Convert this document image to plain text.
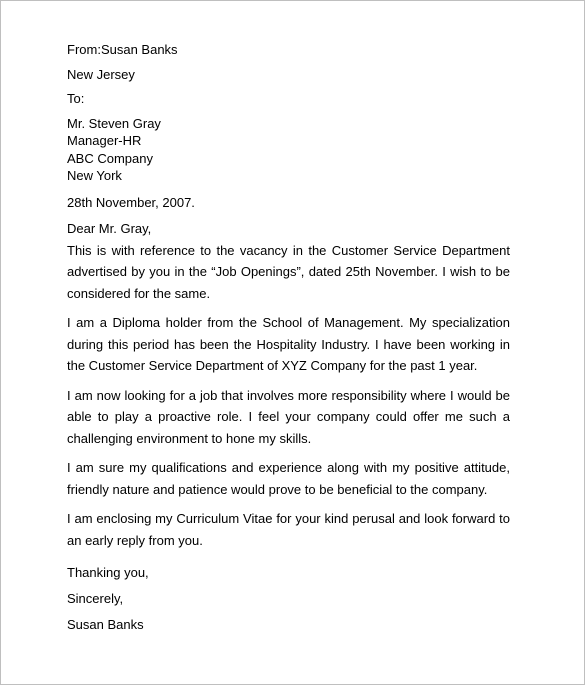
From:Susan Banks

New Jersey

To:

Mr. Steven Gray

Manager-HR

ABC Company

New York

28th November, 2007.

Dear Mr. Gray,

This is with reference to the vacancy in the Customer Service Department advertised by you in the “Job Openings”, dated 25th November. I wish to be considered for the same.

I am a Diploma holder from the School of Management. My specialization during this period has been the Hospitality Industry. I have been working in the Customer Service Department of XYZ Company for the past 1 year.

I am now looking for a job that involves more responsibility where I would be able to play a proactive role. I feel your company could offer me such a challenging environment to hone my skills.

I am sure my qualifications and experience along with my positive attitude, friendly nature and patience would prove to be beneficial to the company.

I am enclosing my Curriculum Vitae for your kind perusal and look forward to an early reply from you.

Thanking you,

Sincerely,

Susan Banks
